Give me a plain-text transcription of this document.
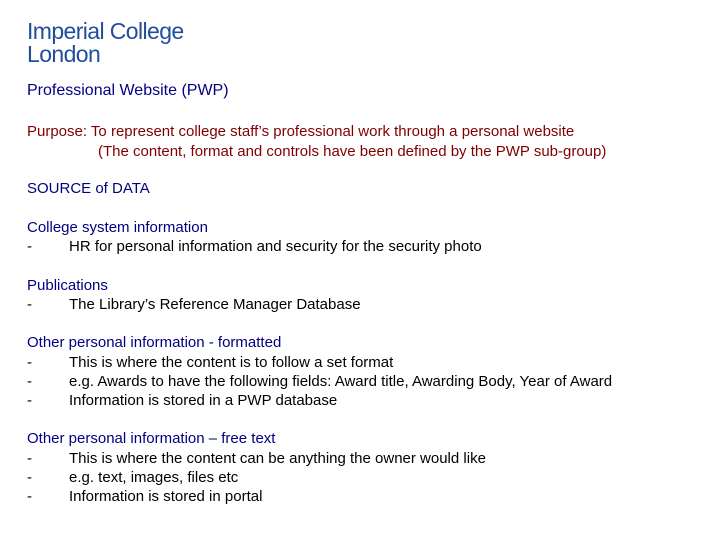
Imperial College
London
Professional Website (PWP)
Purpose: To represent college staff’s professional work through a personal website
(The content, format and controls have been defined by the PWP sub-group)
SOURCE of DATA
College system information
-	HR for personal information and security for the security photo
Publications
-	The Library’s Reference Manager Database
Other personal information - formatted
-	This is where the content is to follow a set format
-	e.g. Awards to have the following fields: Award title, Awarding Body, Year of Award
-	Information is stored in a PWP database
Other personal information – free text
-	This is where the content can be anything the owner would like
-	e.g. text, images, files etc
-	Information is stored in portal
